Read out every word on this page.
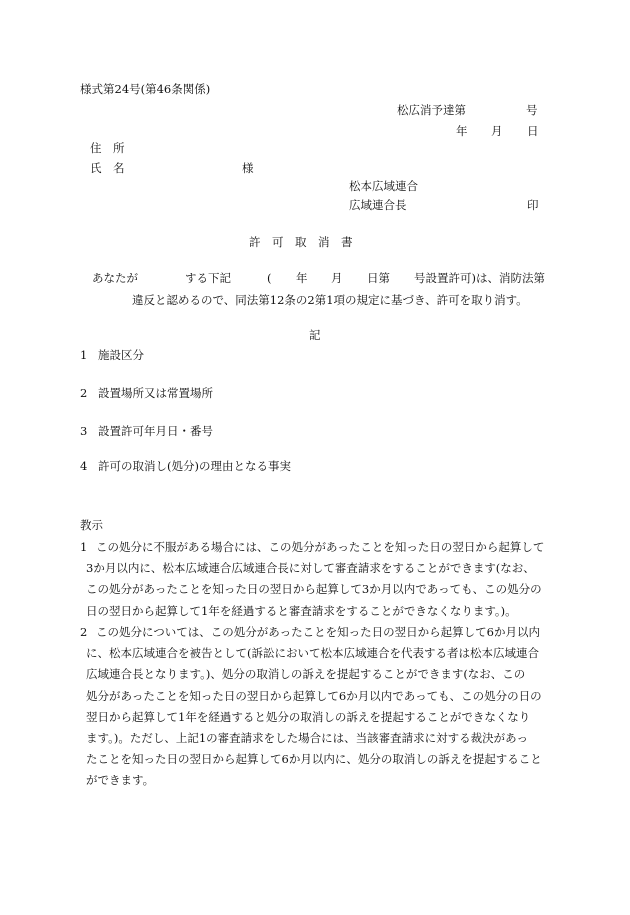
様式第24号(第46条関係)
松広消予達第	号
年 月 日
住　所
氏　名	様
松本広域連合
広域連合長	印
許　可　取　消　書
あなたが	する下記	( 年 月 日第 号設置許可)は、消防法第
違反と認めるので、同法第12条の2第1項の規定に基づき、許可を取り消す。
記
1 施設区分
2 設置場所又は常置場所
3 設置許可年月日・番号
4 許可の取消し(処分)の理由となる事実
教示
1 この処分に不服がある場合には、この処分があったことを知った日の翌日から起算して
3か月以内に、松本広域連合広域連合長に対して審査請求をすることができます(なお、
この処分があったことを知った日の翌日から起算して3か月以内であっても、この処分の
日の翌日から起算して1年を経過すると審査請求をすることができなくなります。)。
2 この処分については、この処分があったことを知った日の翌日から起算して6か月以内
に、松本広域連合を被告として(訴訟において松本広域連合を代表する者は松本広域連合
広域連合長となります。)、処分の取消しの訴えを提起することができます(なお、この
処分があったことを知った日の翌日から起算して6か月以内であっても、この処分の日の
翌日から起算して1年を経過すると処分の取消しの訴えを提起することができなくなり
ます。)。ただし、上記1の審査請求をした場合には、当該審査請求に対する裁決があっ
たことを知った日の翌日から起算して6か月以内に、処分の取消しの訴えを提起すること
ができます。
